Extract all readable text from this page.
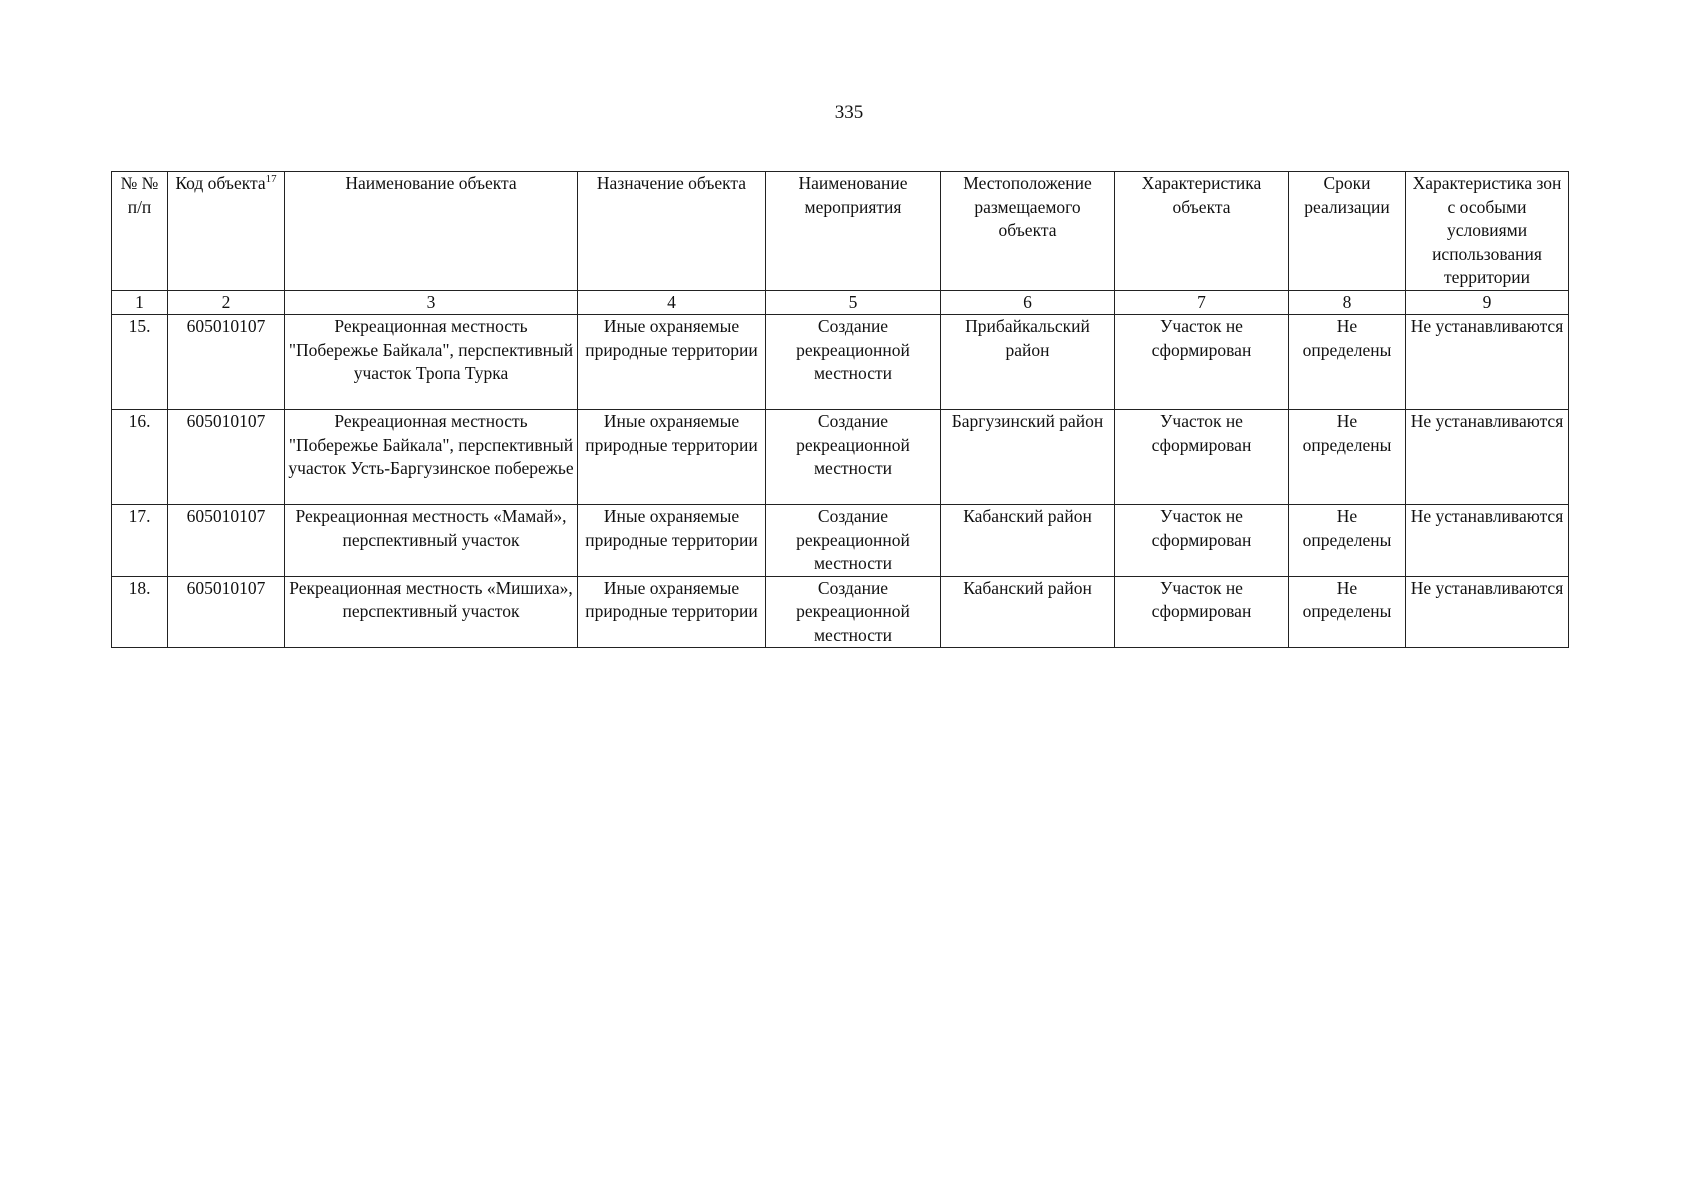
335
№ № п/п	Код объекта$^{17}$	Наименование объекта	Назначение объекта	Наименование мероприятия	Местоположение размещаемого объекта	Характеристика объекта	Сроки реализации	Характеристика зон с особыми условиями использования территории
1	2	3	4	5	6	7	8	9
15.	605010107	Рекреационная местность "Побережье Байкала", перспективный участок Тропа Турка	Иные охраняемые природные территории	Создание рекреационной местности	Прибайкальский район	Участок не сформирован	Не определены	Не устанавливаются
16.	605010107	Рекреационная местность "Побережье Байкала", перспективный участок Усть-Баргузинское побережье	Иные охраняемые природные территории	Создание рекреационной местности	Баргузинский район	Участок не сформирован	Не определены	Не устанавливаются
17.	605010107	Рекреационная местность «Мамай», перспективный участок	Иные охраняемые природные территории	Создание рекреационной местности	Кабанский район	Участок не сформирован	Не определены	Не устанавливаются
18.	605010107	Рекреационная местность «Мишиха», перспективный участок	Иные охраняемые природные территории	Создание рекреационной местности	Кабанский район	Участок не сформирован	Не определены	Не устанавливаются
